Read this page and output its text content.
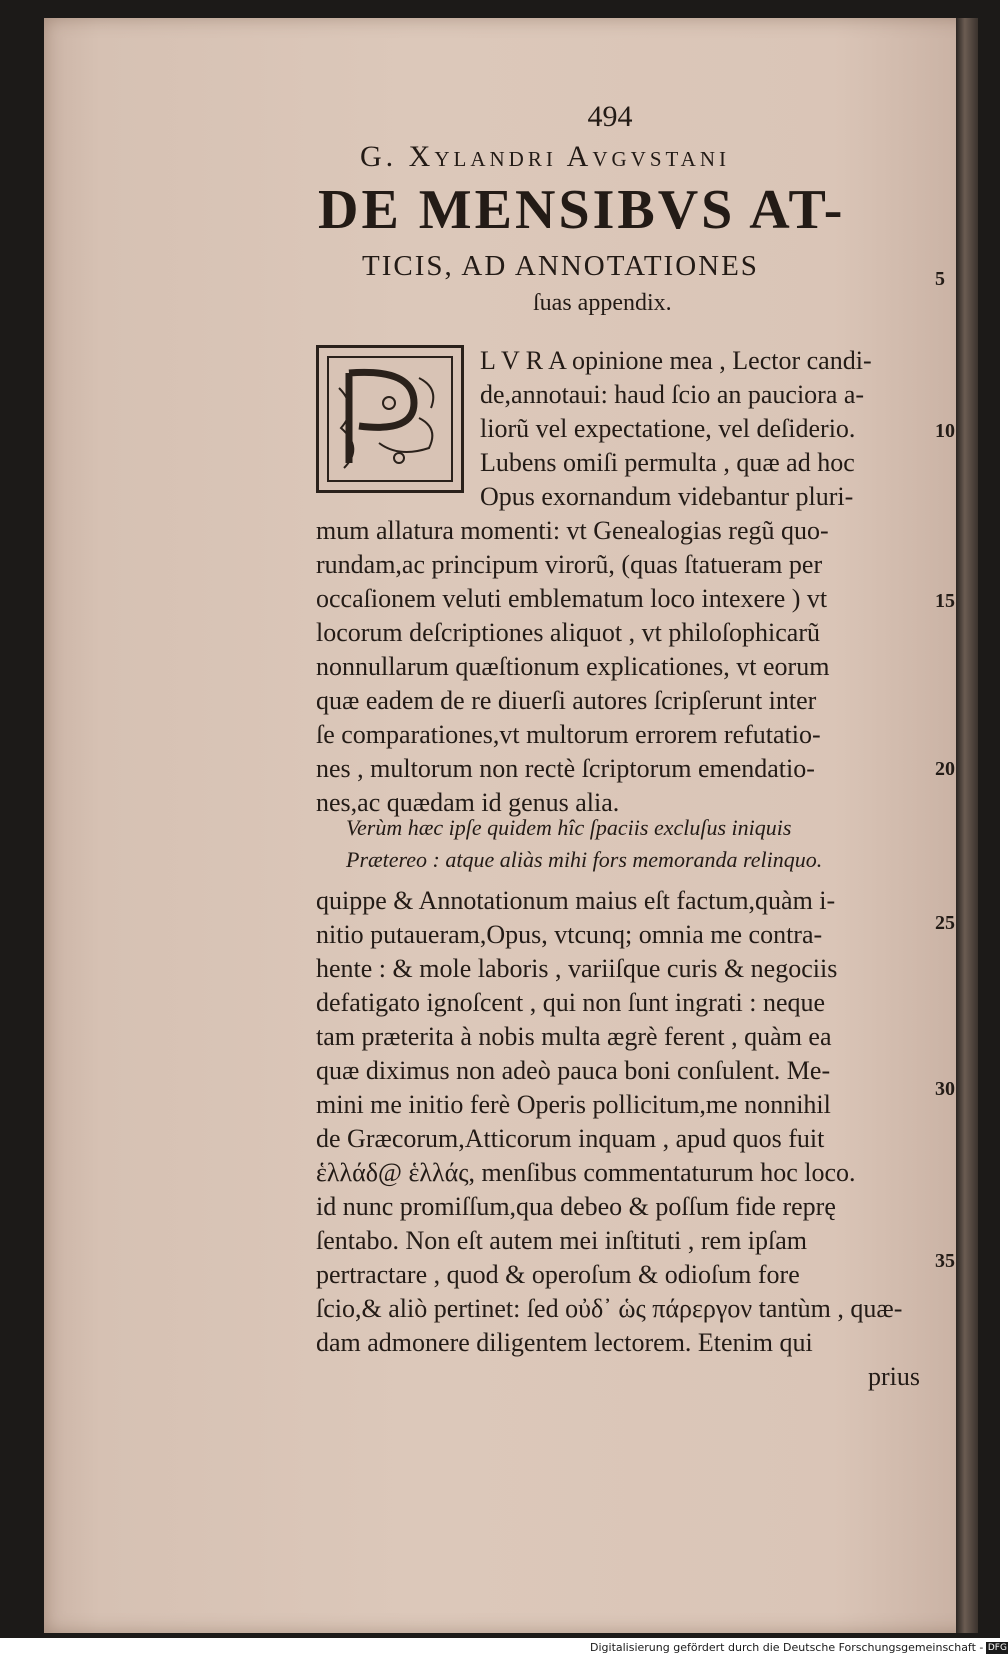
494
G. Xylandri Avgvstani
DE MENSIBVS AT-
TICIS, AD ANNOTATIONES
ſuas appendix.
L V R A opinione mea , Lector candi-
de,annotaui: haud ſcio an pauciora a-
liorũ vel expectatione, vel deſiderio.
Lubens omiſi permulta , quæ ad hoc
Opus exornandum videbantur pluri-
mum allatura momenti: vt Genealogias regũ quo-
rundam,ac principum virorũ, (quas ſtatueram per
occaſionem veluti emblematum loco intexere ) vt
locorum deſcriptiones aliquot , vt philoſophicarũ
nonnullarum quæſtionum explicationes, vt eorum
quæ eadem de re diuerſi autores ſcripſerunt inter
ſe comparationes,vt multorum errorem refutatio-
nes , multorum non rectè ſcriptorum emendatio-
nes,ac quædam id genus alia.
Verùm hæc ipſe quidem hîc ſpaciis excluſus iniquis
Prætereo : atque aliàs mihi fors memoranda relinquo.
quippe & Annotationum maius eſt factum,quàm i-
nitio putaueram,Opus, vtcunq; omnia me contra-
hente : & mole laboris , variiſque curis & negociis
defatigato ignoſcent , qui non ſunt ingrati : neque
tam præterita à nobis multa ægrè ferent , quàm ea
quæ diximus non adeò pauca boni conſulent. Me-
mini me initio ferè Operis pollicitum,me nonnihil
de Græcorum,Atticorum inquam , apud quos fuit
ἑλλάδ@ ἑλλάς, menſibus commentaturum hoc loco.
id nunc promiſſum,qua debeo & poſſum fide reprę
ſentabo. Non eſt autem mei inſtituti , rem ipſam
pertractare , quod & operoſum & odioſum fore
ſcio,& aliò pertinet: ſed οὐδ᾽ ὡς πάρεργον tantùm , quæ-
dam admonere diligentem lectorem. Etenim qui
prius
5
10
15
20
25
30
35
Digitalisierung gefördert durch die Deutsche Forschungsgemeinschaft - DFG
